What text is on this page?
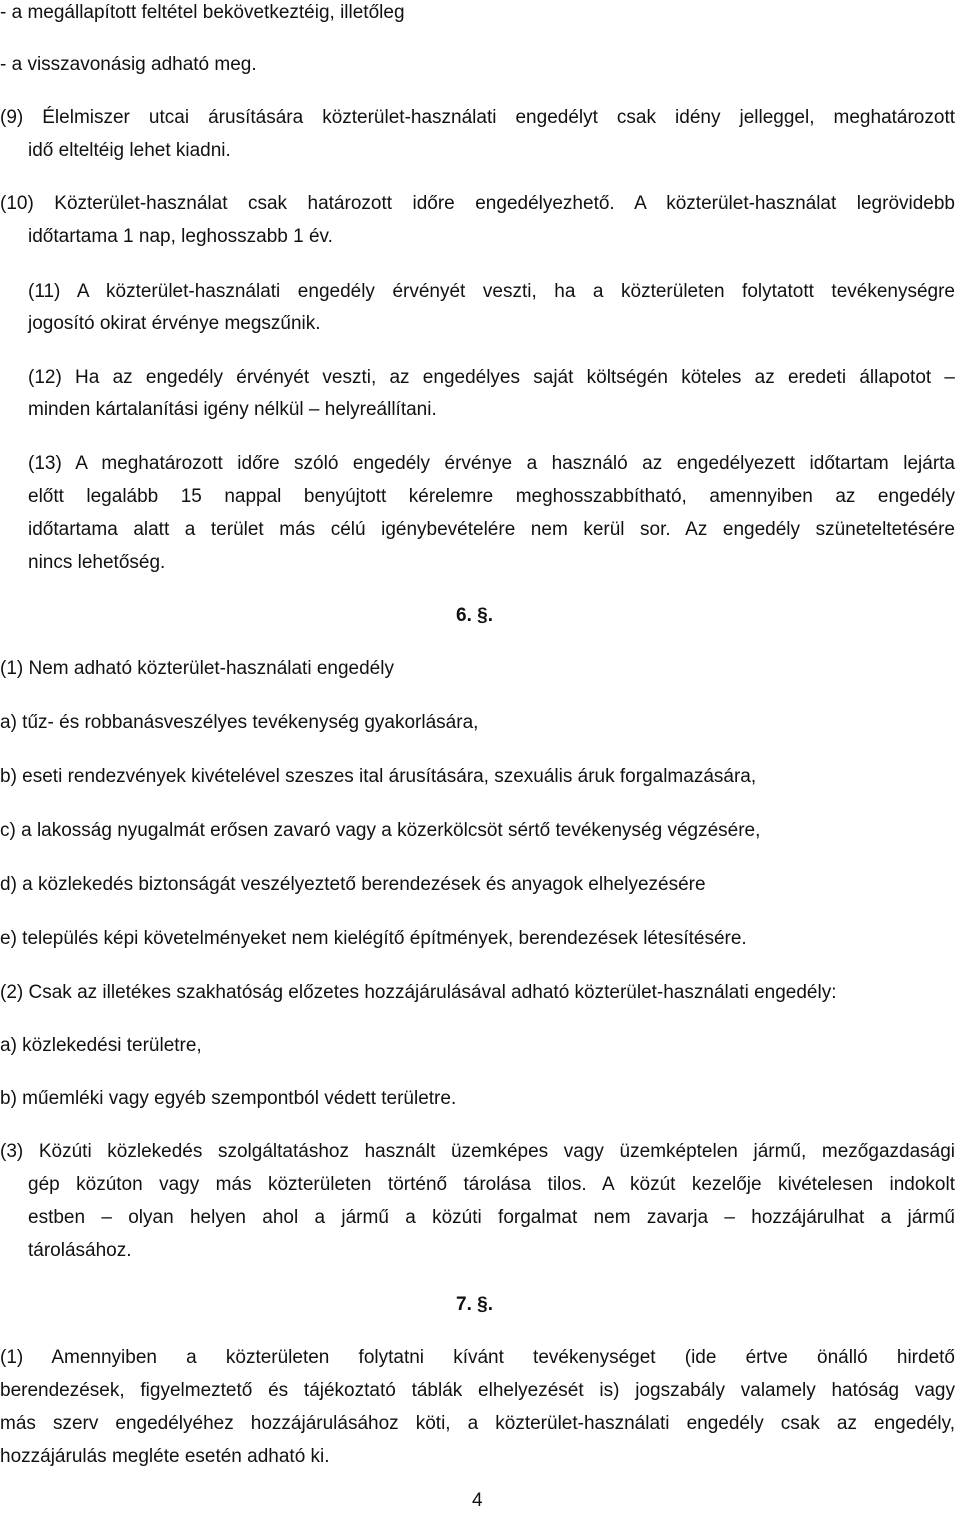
- a megállapított feltétel bekövetkeztéig, illetőleg
- a visszavonásig adható meg.
(9) Élelmiszer utcai árusítására közterület-használati engedélyt csak idény jelleggel, meghatározott
idő elteltéig lehet kiadni.
(10) Közterület-használat csak határozott időre engedélyezhető. A közterület-használat legrövidebb
időtartama 1 nap, leghosszabb 1 év.
(11) A közterület-használati engedély érvényét veszti, ha a közterületen folytatott tevékenységre
jogosító okirat érvénye megszűnik.
(12) Ha az engedély érvényét veszti, az engedélyes saját költségén köteles az eredeti állapotot –
minden kártalanítási igény nélkül – helyreállítani.
(13) A meghatározott időre szóló engedély érvénye a használó az engedélyezett időtartam lejárta
előtt legalább 15 nappal benyújtott kérelemre meghosszabbítható, amennyiben az engedély
időtartama alatt a terület más célú igénybevételére nem kerül sor. Az engedély szüneteltetésére
nincs lehetőség.
6. §.
(1) Nem adható közterület-használati engedély
a) tűz- és robbanásveszélyes tevékenység gyakorlására,
b) eseti rendezvények kivételével szeszes ital árusítására, szexuális áruk forgalmazására,
c) a lakosság nyugalmát erősen zavaró vagy a közerkölcsöt sértő tevékenység végzésére,
d) a közlekedés biztonságát veszélyeztető berendezések és anyagok elhelyezésére
e) település képi követelményeket nem kielégítő építmények, berendezések létesítésére.
(2) Csak az illetékes szakhatóság előzetes hozzájárulásával adható közterület-használati engedély:
a) közlekedési területre,
b) műemléki vagy egyéb szempontból védett területre.
(3) Közúti közlekedés szolgáltatáshoz használt üzemképes vagy üzemképtelen jármű, mezőgazdasági
gép közúton vagy más közterületen történő tárolása tilos. A közút kezelője kivételesen indokolt
estben – olyan helyen ahol a jármű a közúti forgalmat nem zavarja – hozzájárulhat a jármű
tárolásához.
7. §.
(1) Amennyiben a közterületen folytatni kívánt tevékenységet (ide értve önálló hirdető
berendezések, figyelmeztető és tájékoztató táblák elhelyezését is) jogszabály valamely hatóság vagy
más szerv engedélyéhez hozzájárulásához köti, a közterület-használati engedély csak az engedély,
hozzájárulás megléte esetén adható ki.
4
